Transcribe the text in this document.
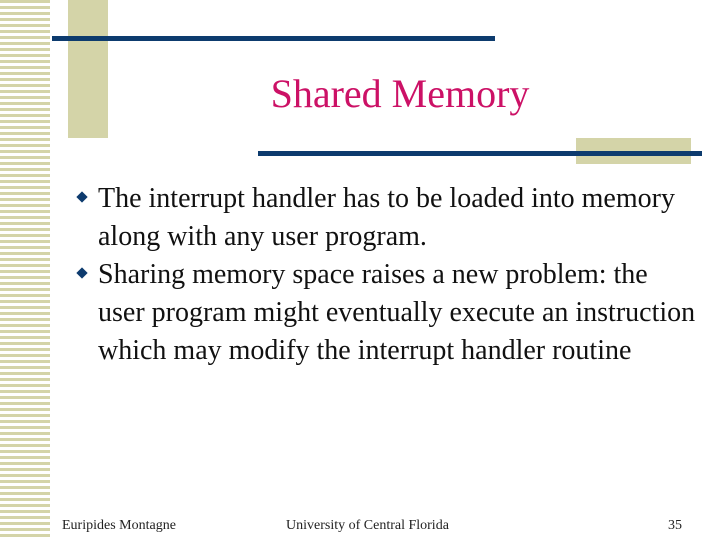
Shared Memory
The interrupt handler has to be loaded into memory along with any user program.
Sharing memory space raises a new problem: the user program might eventually execute an instruction which may modify the interrupt handler routine
Euripides Montagne	University of Central Florida	35
